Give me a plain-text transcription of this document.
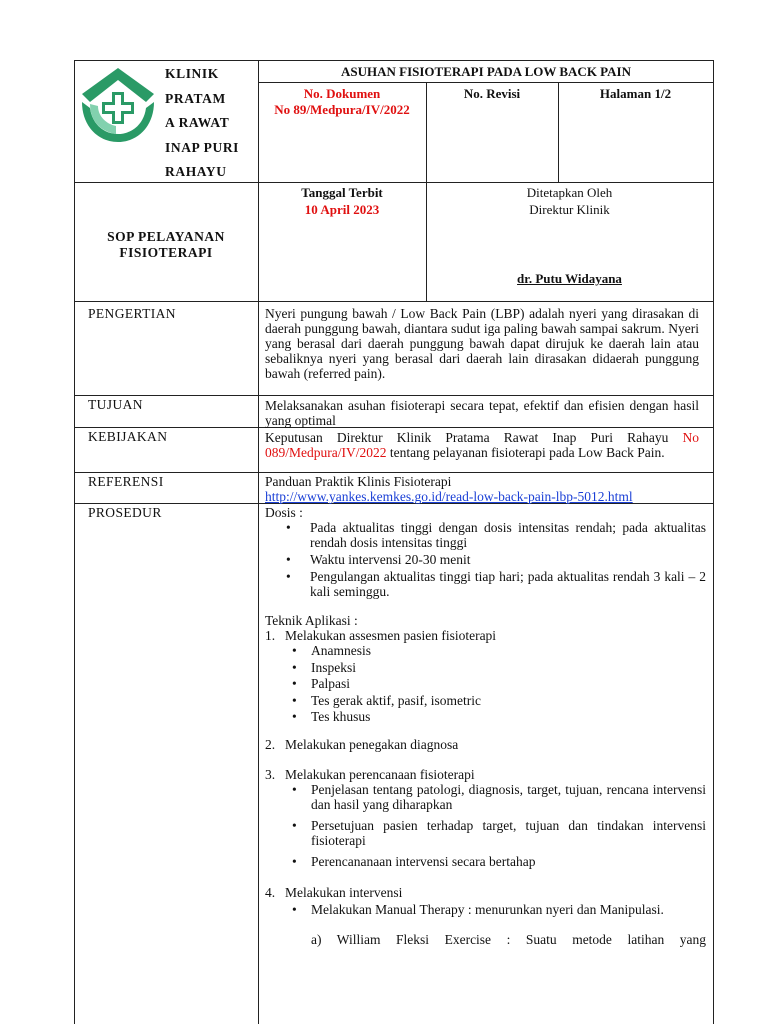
KLINIK
PRATAM
A RAWAT
INAP PURI
RAHAYU
ASUHAN FISIOTERAPI PADA LOW BACK PAIN
No. Dokumen
No 89/Medpura/IV/2022
No. Revisi	Halaman 1/2
SOP PELAYANAN
FISIOTERAPI
Tanggal Terbit
10 April 2023
Ditetapkan Oleh
Direktur Klinik
dr. Putu Widayana
PENGERTIAN
TUJUAN
KEBIJAKAN
REFERENSI
PROSEDUR
Nyeri pungung bawah / Low Back Pain (LBP) adalah nyeri yang dirasakan di daerah punggung bawah, diantara sudut iga paling bawah sampai sakrum. Nyeri yang berasal dari daerah punggung bawah dapat dirujuk ke daerah lain atau sebaliknya nyeri yang berasal dari daerah lain dirasakan didaerah punggung bawah (referred pain).
Melaksanakan asuhan fisioterapi secara tepat, efektif dan efisien dengan hasil yang optimal
Keputusan Direktur Klinik Pratama Rawat Inap Puri Rahayu No 089/Medpura/IV/2022 tentang pelayanan fisioterapi pada Low Back Pain.
Panduan Praktik Klinis Fisioterapi
http://www.yankes.kemkes.go.id/read-low-back-pain-lbp-5012.html
Dosis :
• Pada aktualitas tinggi dengan dosis intensitas rendah; pada aktualitas rendah dosis intensitas tinggi
• Waktu intervensi 20-30 menit
• Pengulangan aktualitas tinggi tiap hari; pada aktualitas rendah 3 kali – 2 kali seminggu.
Teknik Aplikasi :
1. Melakukan assesmen pasien fisioterapi
• Anamnesis
• Inspeksi
• Palpasi
• Tes gerak aktif, pasif, isometric
• Tes khusus
2. Melakukan penegakan diagnosa
3. Melakukan perencanaan fisioterapi
• Penjelasan tentang patologi, diagnosis, target, tujuan, rencana intervensi dan hasil yang diharapkan
• Persetujuan pasien terhadap target, tujuan dan tindakan intervensi fisioterapi
• Perencananaan intervensi secara bertahap
4. Melakukan intervensi
• Melakukan Manual Therapy : menurunkan nyeri dan Manipulasi.
a) William Fleksi Exercise : Suatu metode latihan yang
